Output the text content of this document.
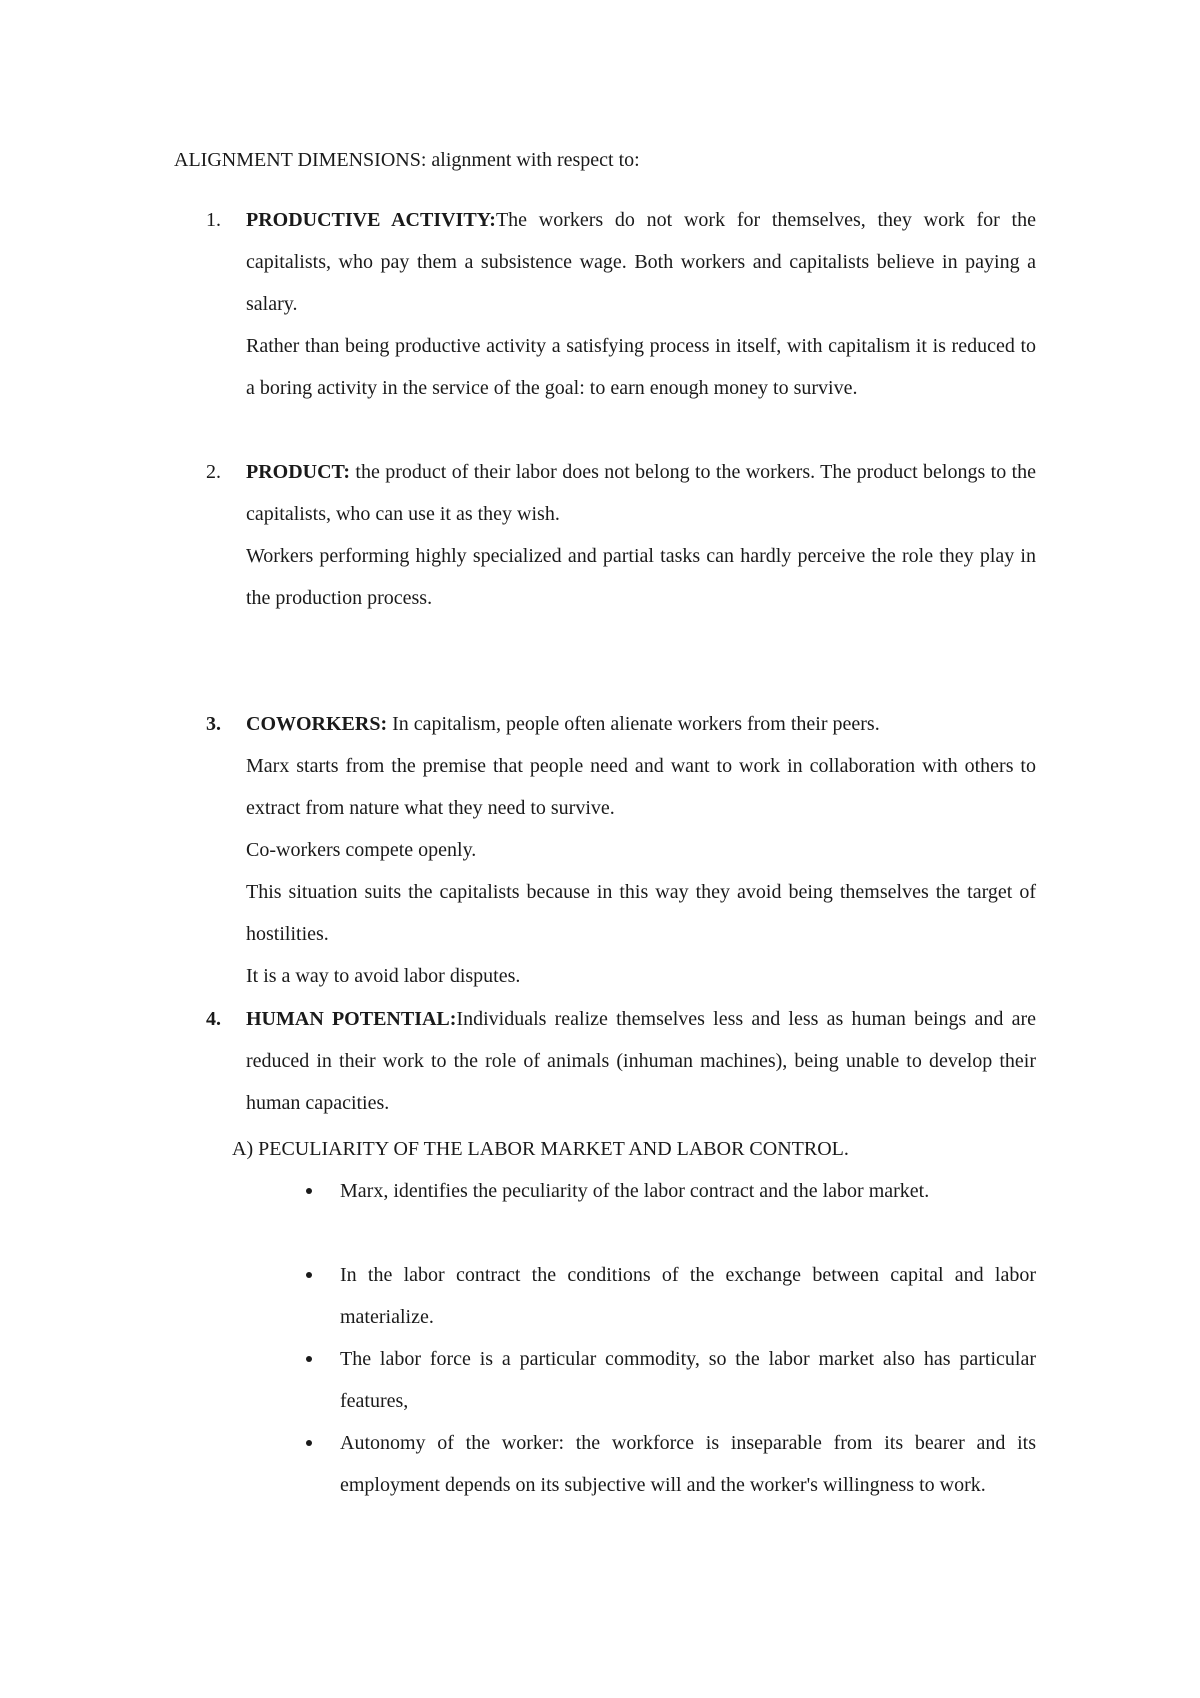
ALIGNMENT DIMENSIONS: alignment with respect to:
1. PRODUCTIVE ACTIVITY:The workers do not work for themselves, they work for the capitalists, who pay them a subsistence wage. Both workers and capitalists believe in paying a salary.

Rather than being productive activity a satisfying process in itself, with capitalism it is reduced to a boring activity in the service of the goal: to earn enough money to survive.

2. PRODUCT: the product of their labor does not belong to the workers. The product belongs to the capitalists, who can use it as they wish.

Workers performing highly specialized and partial tasks can hardly perceive the role they play in the production process.

3. COWORKERS: In capitalism, people often alienate workers from their peers.

Marx starts from the premise that people need and want to work in collaboration with others to extract from nature what they need to survive.

Co-workers compete openly.

This situation suits the capitalists because in this way they avoid being themselves the target of hostilities.

It is a way to avoid labor disputes.

4. HUMAN POTENTIAL:Individuals realize themselves less and less as human beings and are reduced in their work to the role of animals (inhuman machines), being unable to develop their human capacities.

A) PECULIARITY OF THE LABOR MARKET AND LABOR CONTROL.
Marx, identifies the peculiarity of the labor contract and the labor market.
In the labor contract the conditions of the exchange between capital and labor materialize.
The labor force is a particular commodity, so the labor market also has particular features,
Autonomy of the worker: the workforce is inseparable from its bearer and its employment depends on its subjective will and the worker's willingness to work.
